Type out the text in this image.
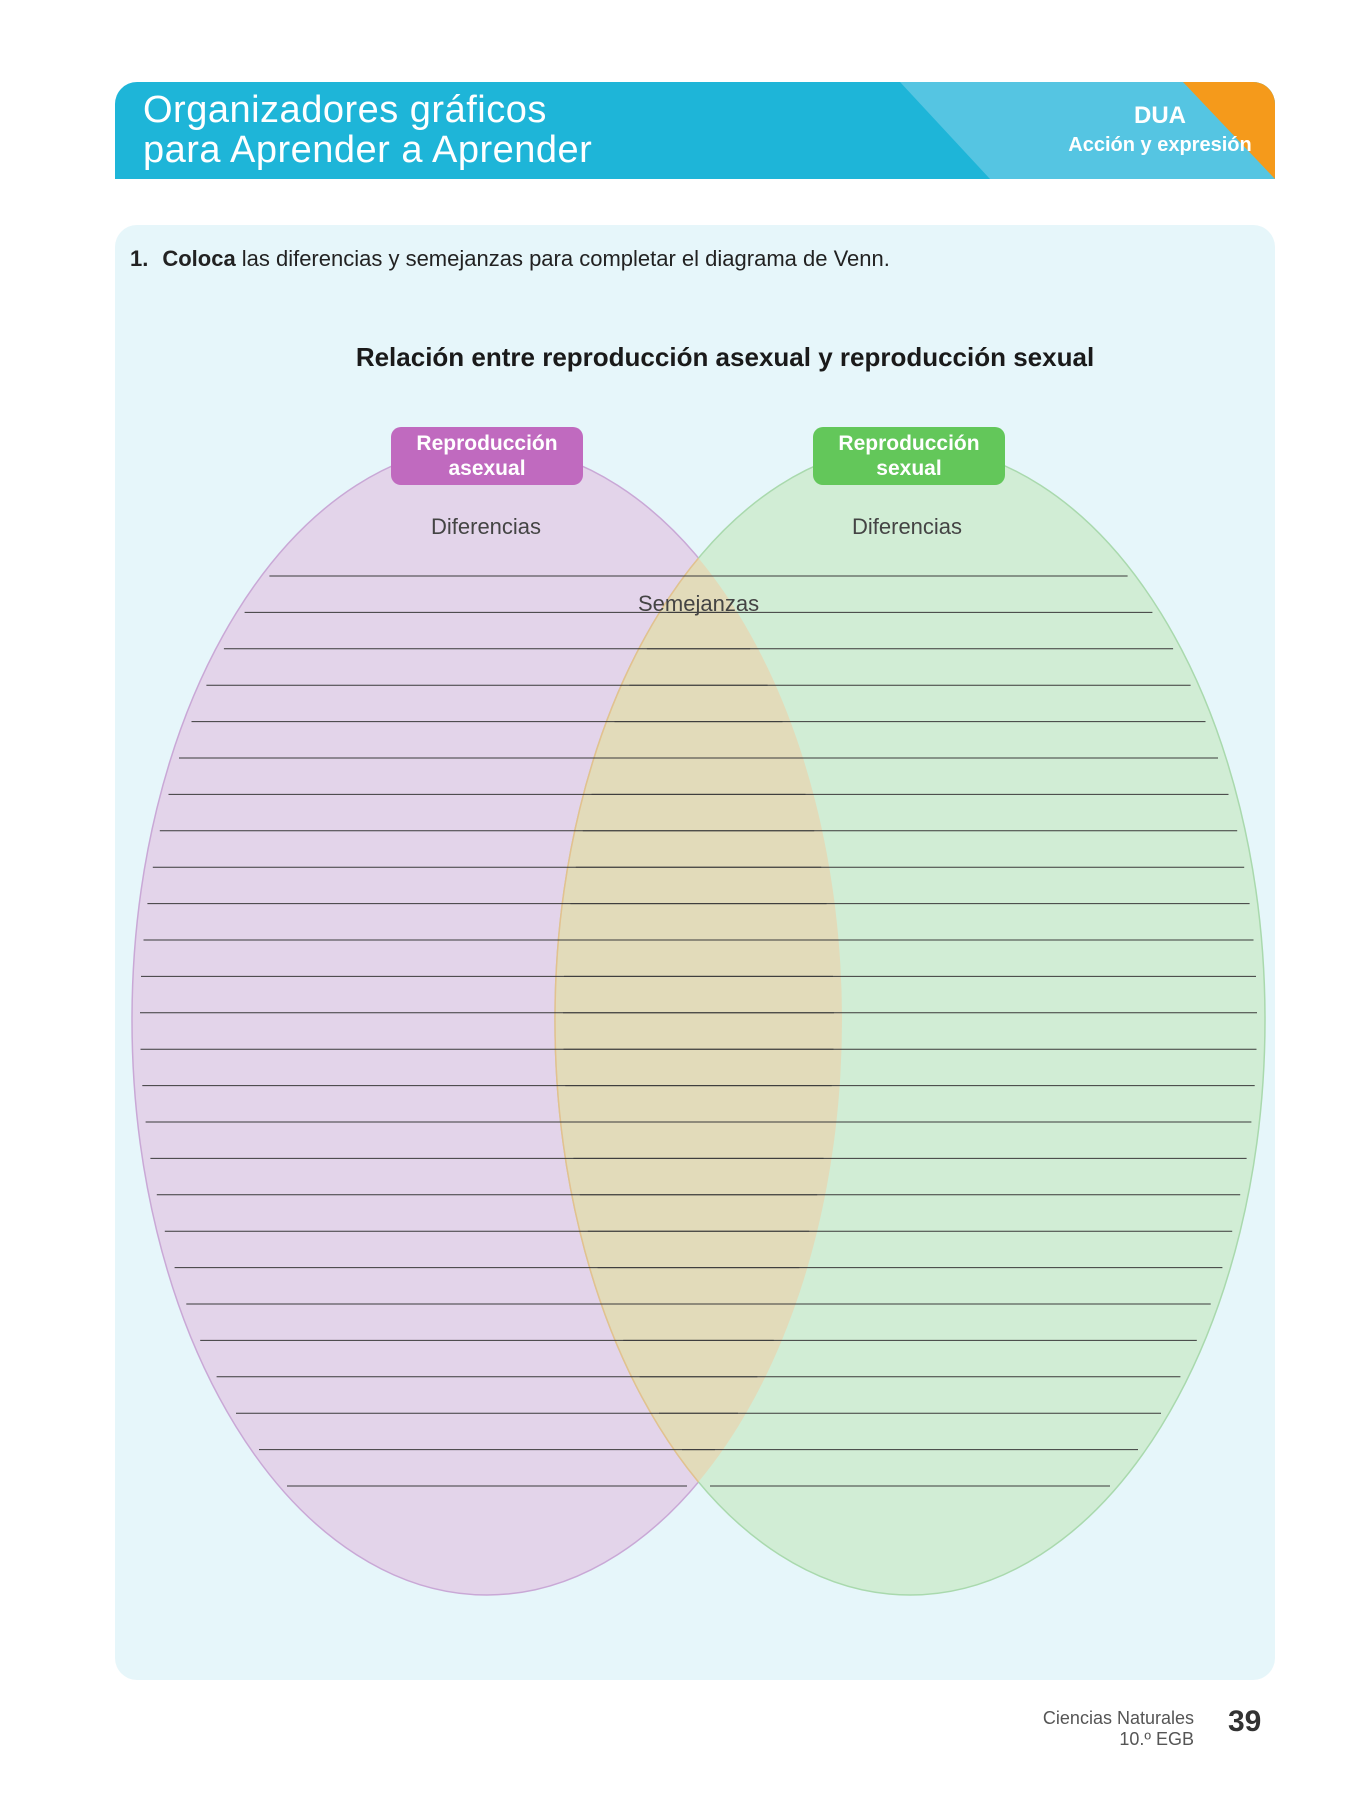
Organizadores gráficos
para Aprender a Aprender
DUA
Acción y expresión
1. Coloca las diferencias y semejanzas para completar el diagrama de Venn.
Relación entre reproducción asexual y reproducción sexual
Reproducción
asexual
Reproducción
sexual
Diferencias	Diferencias
Semejanzas
Ciencias Naturales
10.º EGB
39
